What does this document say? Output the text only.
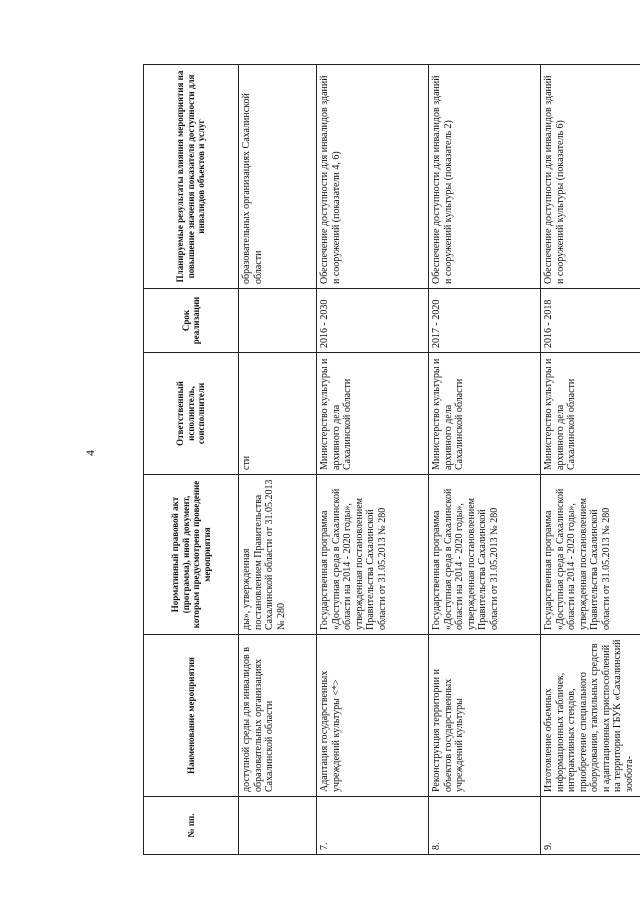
4
№ пп.	Наименование мероприятия	Нормативный правовой акт (программа), иной документ, которым предусмотрено проведение мероприятия	Ответственный исполнитель, соисполнители	Срок реализации	Планируемые результаты влияния мероприятия на повышение значения показателя доступности для инвалидов объектов и услуг
	доступной среды для инвалидов в образовательных организациях Сахалинской области	ды», утвержденная постановлением Правительства Сахалинской области от 31.05.2013 № 280	сти		образовательных организациях Сахалинской области
7.	Адаптация государственных учреждений культуры <*>	Государственная программа «Доступная среда в Сахалинской области на 2014 - 2020 годы», утвержденная постановлением Правительства Сахалинской области от 31.05.2013 № 280	Министерство культуры и архивного дела Сахалинской области	2016 - 2030	Обеспечение доступности для инвалидов зданий и сооружений (показатели 4, 6)
8.	Реконструкция территории и объектов государственных учреждений культуры	Государственная программа «Доступная среда в Сахалинской области на 2014 - 2020 годы», утвержденная постановлением Правительства Сахалинской области от 31.05.2013 № 280	Министерство культуры и архивного дела Сахалинской области	2017 - 2020	Обеспечение доступности для инвалидов зданий и сооружений культуры (показатель 2)
9.	Изготовление объемных информационных табличек, интерактивных стендов, приобретение специального оборудования, тактильных средств и адаптационных приспособлений на территории ГБУК «Сахалинский зообота-	Государственная программа «Доступная среда в Сахалинской области на 2014 - 2020 годы», утвержденная постановлением Правительства Сахалинской области от 31.05.2013 № 280	Министерство культуры и архивного дела Сахалинской области	2016 - 2018	Обеспечение доступности для инвалидов зданий и сооружений культуры (показатель 6)
